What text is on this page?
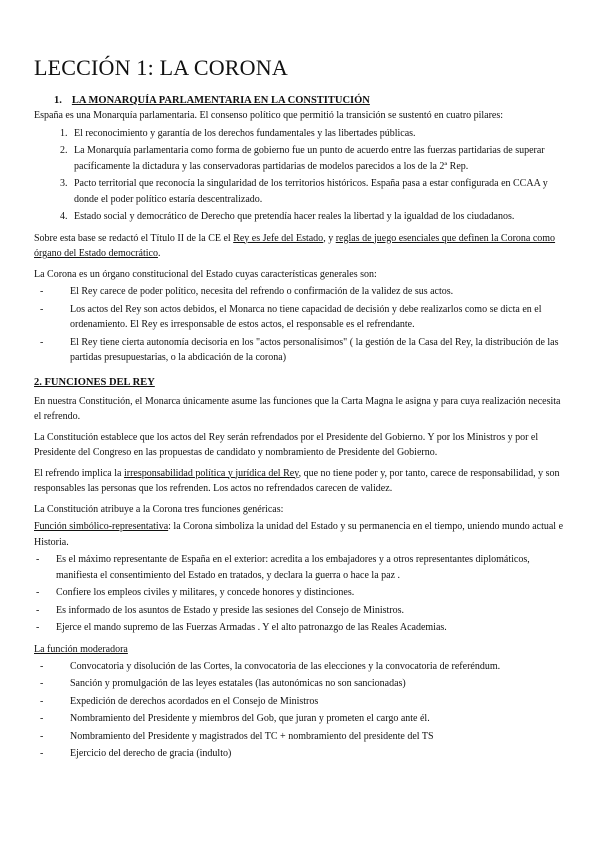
LECCIÓN 1: LA CORONA
1. LA MONARQUÍA PARLAMENTARIA EN LA CONSTITUCIÓN

España es una Monarquía parlamentaria. El consenso político que permitió la transición se sustentó en cuatro pilares:

1. El reconocimiento y garantía de los derechos fundamentales y las libertades públicas.
2. La Monarquía parlamentaria como forma de gobierno fue un punto de acuerdo entre las fuerzas partidarias de superar pacíficamente la dictadura y las conservadoras partidarias de modelos parecidos a los de la 2ª Rep.
3. Pacto territorial que reconocía la singularidad de los territorios históricos. España pasa a estar configurada en CCAA y donde el poder político estaría descentralizado.
4. Estado social y democrático de Derecho que pretendía hacer reales la libertad y la igualdad de los ciudadanos.

Sobre esta base se redactó el Título II de la CE el Rey es Jefe del Estado, y reglas de juego esenciales que definen la Corona como órgano del Estado democrático.

La Corona es un órgano constitucional del Estado cuyas características generales son:

- El Rey carece de poder político, necesita del refrendo o confirmación de la validez de sus actos.
- Los actos del Rey son actos debidos, el Monarca no tiene capacidad de decisión y debe realizarlos como se dicta en el ordenamiento. El Rey es irresponsable de estos actos, el responsable es el refrendante.
- El Rey tiene cierta autonomía decisoria en los "actos personalísimos" ( la gestión de la Casa del Rey, la distribución de las partidas presupuestarias, o la abdicación de la corona)
2. FUNCIONES DEL REY

En nuestra Constitución, el Monarca únicamente asume las funciones que la Carta Magna le asigna y para cuya realización necesita el refrendo.

La Constitución establece que los actos del Rey serán refrendados por el Presidente del Gobierno. Y por los Ministros y por el Presidente del Congreso en las propuestas de candidato y nombramiento de Presidente del Gobierno.

El refrendo implica la irresponsabilidad política y jurídica del Rey, que no tiene poder y, por tanto, carece de responsabilidad, y son responsables las personas que los refrenden. Los actos no refrendados carecen de validez.

La Constitución atribuye a la Corona tres funciones genéricas:

Función simbólico-representativa: la Corona simboliza la unidad del Estado y su permanencia en el tiempo, uniendo mundo actual e Historia.

- Es el máximo representante de España en el exterior: acredita a los embajadores y a otros representantes diplomáticos, manifiesta el consentimiento del Estado en tratados, y declara la guerra o hace la paz .
- Confiere los empleos civiles y militares, y concede honores y distinciones.
- Es informado de los asuntos de Estado y preside las sesiones del Consejo de Ministros.
- Ejerce el mando supremo de las Fuerzas Armadas . Y el alto patronazgo de las Reales Academias.
La función moderadora
- Convocatoria y disolución de las Cortes, la convocatoria de las elecciones y la convocatoria de referéndum.
- Sanción y promulgación de las leyes estatales (las autonómicas no son sancionadas)
- Expedición de derechos acordados en el Consejo de Ministros
- Nombramiento del Presidente y miembros del Gob, que juran y prometen el cargo ante él.
- Nombramiento del Presidente y magistrados del TC + nombramiento del presidente del TS
- Ejercicio del derecho de gracia (indulto)
